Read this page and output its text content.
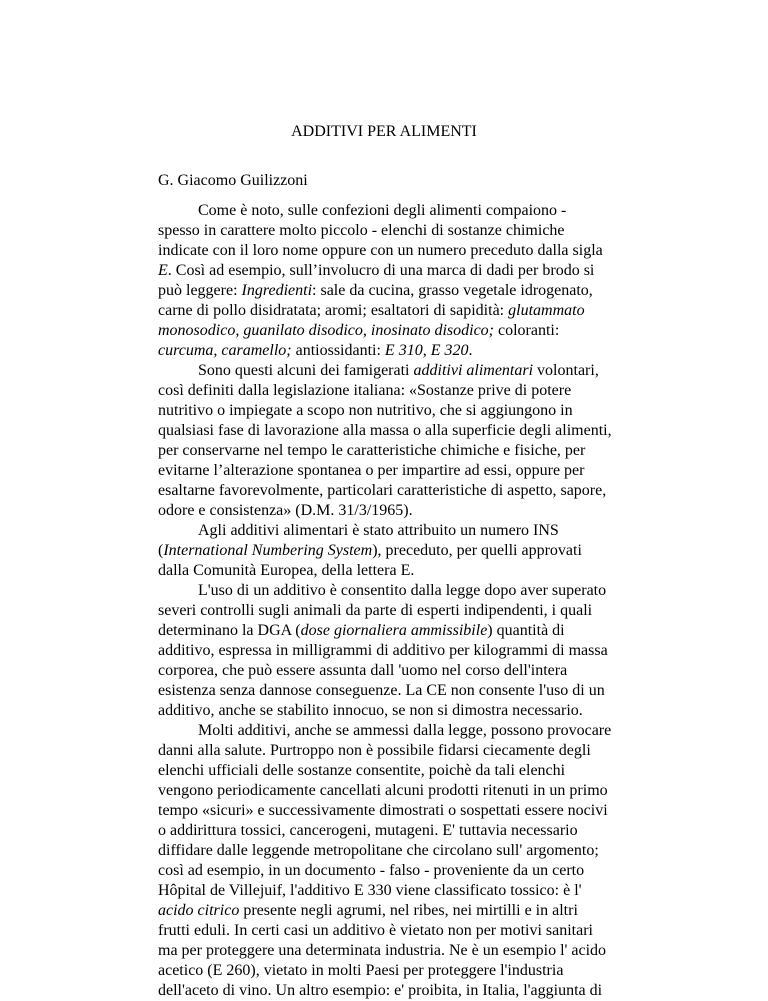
ADDITIVI PER ALIMENTI
G. Giacomo Guilizzoni

Come è noto, sulle confezioni degli alimenti compaiono - spesso in carattere molto piccolo - elenchi di sostanze chimiche indicate con il loro nome oppure con un numero preceduto dalla sigla E. Così ad esempio, sull’involucro di una marca di dadi per brodo si può leggere: Ingredienti: sale da cucina, grasso vegetale idrogenato, carne di pollo disidratata; aromi; esaltatori di sapidità: glutammato monosodico, guanilato disodico, inosinato disodico; coloranti: curcuma, caramello; antiossidanti: E 310, E 320.

Sono questi alcuni dei famigerati additivi alimentari volontari, così definiti dalla legislazione italiana: «Sostanze prive di potere nutritivo o impiegate a scopo non nutritivo, che si aggiungono in qualsiasi fase di lavorazione alla massa o alla superficie degli alimenti, per conservarne nel tempo le caratteristiche chimiche e fisiche, per evitarne l’alterazione spontanea o per impartire ad essi, oppure per esaltarne favorevolmente, particolari caratteristiche di aspetto, sapore, odore e consistenza» (D.M. 31/3/1965).

Agli additivi alimentari è stato attribuito un numero INS (International Numbering System), preceduto, per quelli approvati dalla Comunità Europea, della lettera E.

L'uso di un additivo è consentito dalla legge dopo aver superato severi controlli sugli animali da parte di esperti indipendenti, i quali determinano la DGA (dose giornaliera ammissibile) quantità di additivo, espressa in milligrammi di additivo per kilogrammi di massa corporea, che può essere assunta dall 'uomo nel corso dell'intera esistenza senza dannose conseguenze. La CE non consente l'uso di un additivo, anche se stabilito innocuo, se non si dimostra necessario.

Molti additivi, anche se ammessi dalla legge, possono provocare danni alla salute. Purtroppo non è possibile fidarsi ciecamente degli elenchi ufficiali delle sostanze consentite, poichè da tali elenchi vengono periodicamente cancellati alcuni prodotti ritenuti in un primo tempo «sicuri» e successivamente dimostrati o sospettati essere nocivi o addirittura tossici, cancerogeni, mutageni. E' tuttavia necessario diffidare dalle leggende metropolitane che circolano sull' argomento; così ad esempio, in un documento - falso - proveniente da un certo Hôpital de Villejuif, l'additivo E 330 viene classificato tossico: è l' acido citrico presente negli agrumi, nel ribes, nei mirtilli e in altri frutti eduli. In certi casi un additivo è vietato non per motivi sanitari ma per proteggere una determinata industria. Ne è un esempio l' acido acetico (E 260), vietato in molti Paesi per proteggere l'industria dell'aceto di vino. Un altro esempio: e' proibita, in Italia, l'aggiunta di
